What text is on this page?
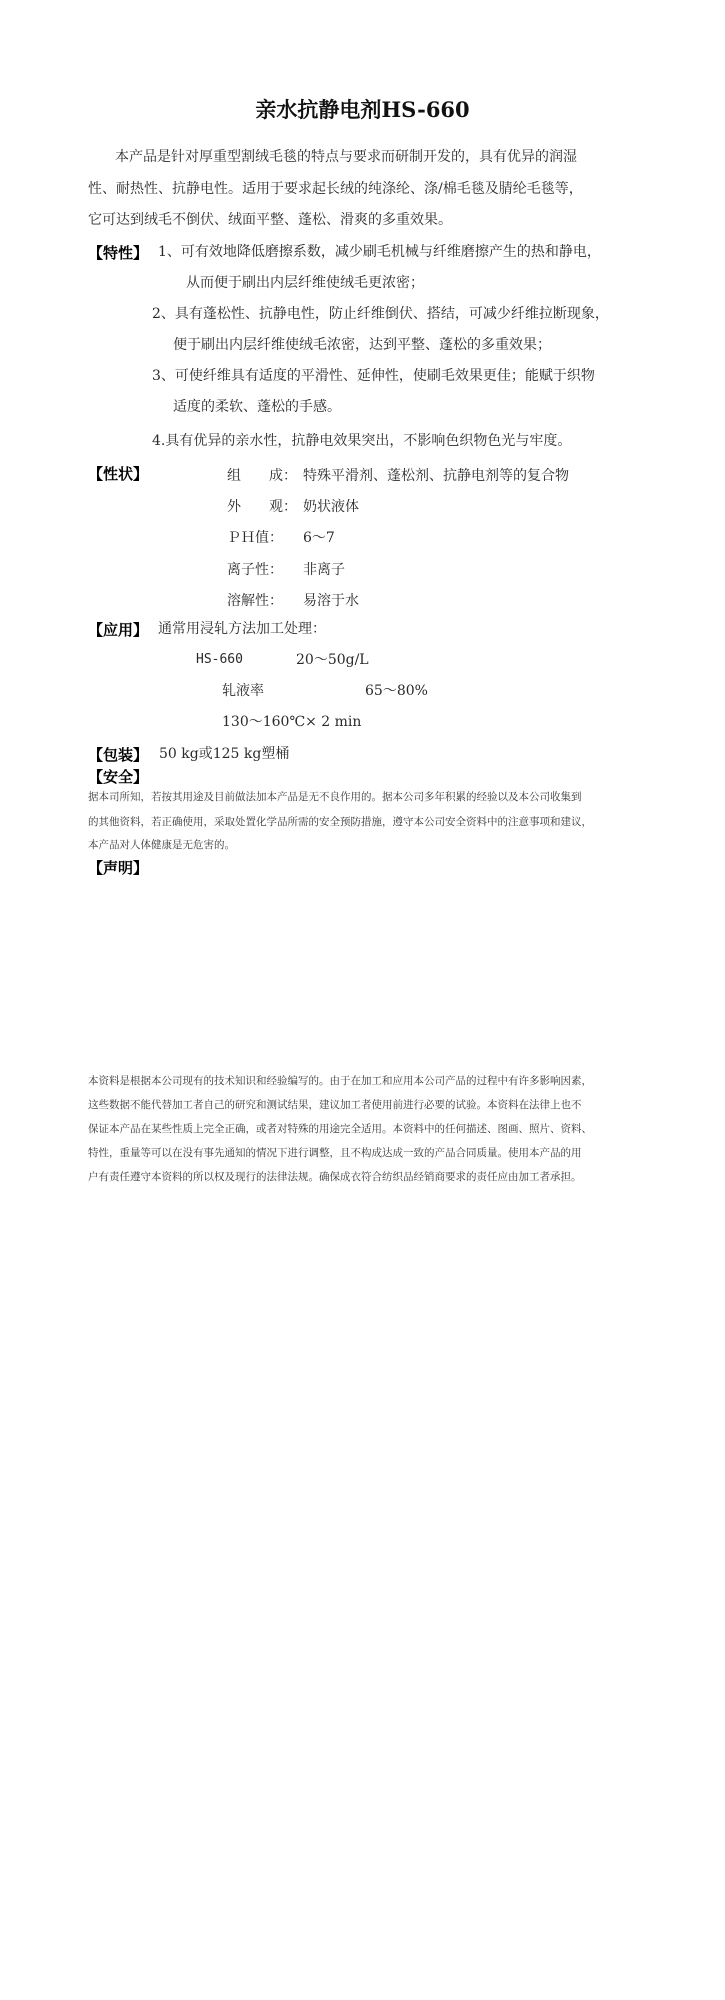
亲水抗静电剂HS-660
本产品是针对厚重型割绒毛毯的特点与要求而研制开发的，具有优异的润湿
性、耐热性、抗静电性。适用于要求起长绒的纯涤纶、涤/棉毛毯及腈纶毛毯等，
它可达到绒毛不倒伏、绒面平整、蓬松、滑爽的多重效果。
【特性】 1、可有效地降低磨擦系数，减少刷毛机械与纤维磨擦产生的热和静电，
从而便于刷出内层纤维使绒毛更浓密；
2、具有蓬松性、抗静电性，防止纤维倒伏、搭结，可减少纤维拉断现象，
便于刷出内层纤维使绒毛浓密，达到平整、蓬松的多重效果；
3、可使纤维具有适度的平滑性、延伸性，使刷毛效果更佳；能赋于织物
适度的柔软、蓬松的手感。
4.具有优异的亲水性，抗静电效果突出，不影响色织物色光与牢度。
【性状】	组　　成： 特殊平滑剂、蓬松剂、抗静电剂等的复合物
外　　观： 奶状液体
ＰＨ值： 6～7
离子性： 非离子
溶解性： 易溶于水
【应用】 通常用浸轧方法加工处理：
HS-660	20～50g/L
轧液率	65～80%
130～160℃× 2 min
【包装】 50 kg或125 kg塑桶
【安全】
据本司所知，若按其用途及目前做法加本产品是无不良作用的。据本公司多年积累的经验以及本公司收集到
的其他资料，若正确使用，采取处置化学品所需的安全预防措施，遵守本公司安全资料中的注意事项和建议，
本产品对人体健康是无危害的。
【声明】
本资料是根据本公司现有的技术知识和经验编写的。由于在加工和应用本公司产品的过程中有许多影响因素，
这些数据不能代替加工者自己的研究和测试结果，建议加工者使用前进行必要的试验。本资料在法律上也不
保证本产品在某些性质上完全正确，或者对特殊的用途完全适用。本资料中的任何描述、图画、照片、资料、
特性，重量等可以在没有事先通知的情况下进行调整，且不构成达成一致的产品合同质量。使用本产品的用
户有责任遵守本资料的所以权及现行的法律法规。确保成衣符合纺织品经销商要求的责任应由加工者承担。
